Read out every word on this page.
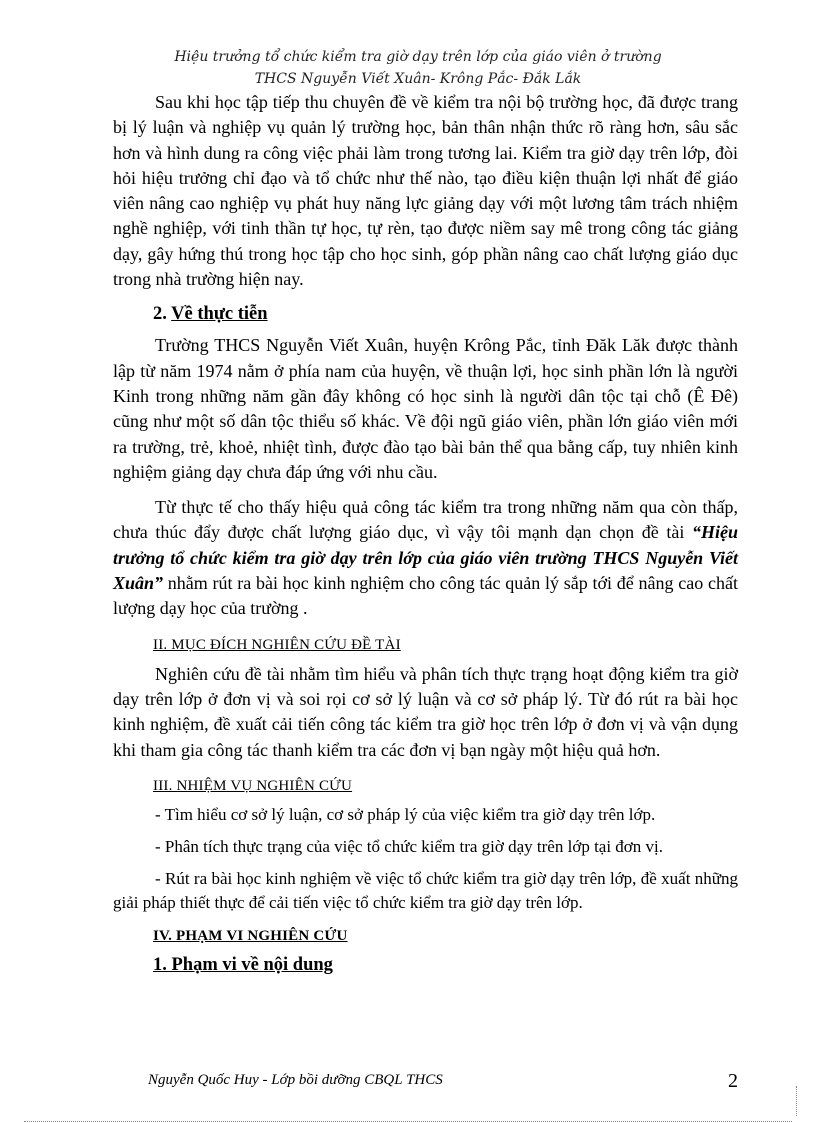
Hiệu trưởng tổ chức kiểm tra giờ dạy trên lớp của giáo viên ở trường
THCS Nguyễn Viết Xuân- Krông Pắc- Đắk Lắk

Sau khi học tập tiếp thu chuyên đề về kiểm tra nội bộ trường học, đã được trang bị lý luận và nghiệp vụ quản lý trường học, bản thân nhận thức rõ ràng hơn, sâu sắc hơn và hình dung ra công việc phải làm trong tương lai. Kiểm tra giờ dạy trên lớp, đòi hỏi hiệu trưởng chỉ đạo và tổ chức như thế nào, tạo điều kiện thuận lợi nhất để giáo viên nâng cao nghiệp vụ phát huy năng lực giảng dạy với một lương tâm trách nhiệm nghề nghiệp, với tinh thần tự học, tự rèn, tạo được niềm say mê trong công tác giảng dạy, gây hứng thú trong học tập cho học sinh, góp phần nâng cao chất lượng giáo dục trong nhà trường hiện nay.

2. Về thực tiễn

Trường THCS Nguyễn Viết Xuân, huyện Krông Pắc, tỉnh Đăk Lăk được thành lập từ năm 1974 nằm ở phía nam của huyện, về thuận lợi, học sinh phần lớn là người Kinh trong những năm gần đây không có học sinh là người dân tộc tại chỗ (Ê Đê) cũng như một số dân tộc thiểu số khác. Về đội ngũ giáo viên, phần lớn giáo viên mới ra trường, trẻ, khoẻ, nhiệt tình, được đào tạo bài bản thể qua bằng cấp, tuy nhiên kinh nghiệm giảng dạy chưa đáp ứng với nhu cầu.

Từ thực tế cho thấy hiệu quả công tác kiểm tra trong những năm qua còn thấp, chưa thúc đẩy được chất lượng giáo dục, vì vậy tôi mạnh dạn chọn đề tài “Hiệu trưởng tổ chức kiểm tra giờ dạy trên lớp của giáo viên trường THCS Nguyễn Viết Xuân” nhằm rút ra bài học kinh nghiệm cho công tác quản lý sắp tới để nâng cao chất lượng dạy học của trường .

II. MỤC ĐÍCH NGHIÊN CỨU ĐỀ TÀI

Nghiên cứu đề tài nhằm tìm hiểu và phân tích thực trạng hoạt động kiểm tra giờ dạy trên lớp ở đơn vị và soi rọi cơ sở lý luận và cơ sở pháp lý. Từ đó rút ra bài học kinh nghiệm, đề xuất cải tiến công tác kiểm tra giờ học trên lớp ở đơn vị và vận dụng khi tham gia công tác thanh kiểm tra các đơn vị bạn ngày một hiệu quả hơn.

III. NHIỆM VỤ NGHIÊN CỨU

- Tìm hiểu cơ sở lý luận, cơ sở pháp lý của việc kiểm tra giờ dạy trên lớp.

- Phân tích thực trạng của việc tổ chức kiểm tra giờ dạy trên lớp tại đơn vị.

- Rút ra bài học kinh nghiệm về việc tổ chức kiểm tra giờ dạy trên lớp, đề xuất những giải pháp thiết thực để cải tiến việc tổ chức kiểm tra giờ dạy trên lớp.

IV. PHẠM VI NGHIÊN CỨU
1. Phạm vi về nội dung
Nguyễn Quốc Huy - Lớp bồi dưỡng CBQL THCS	2
